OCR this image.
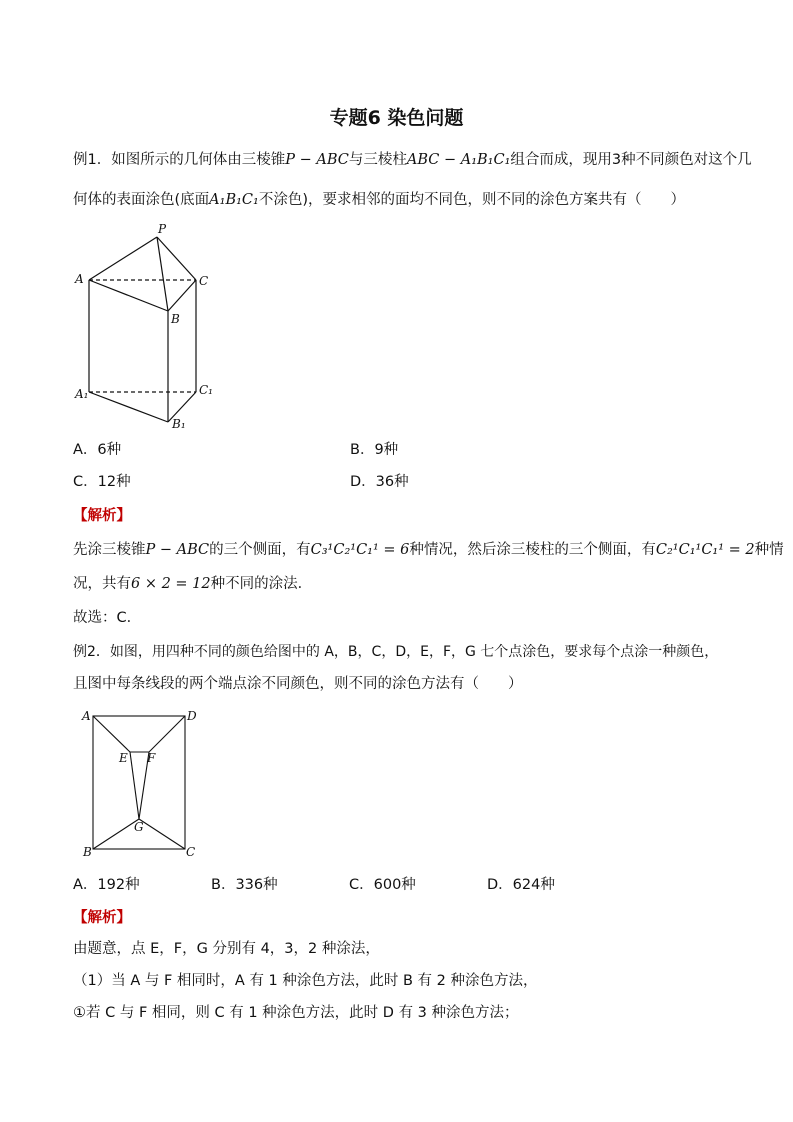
专题6 染色问题
例1．如图所示的几何体由三棱锥P − ABC与三棱柱ABC − A₁B₁C₁组合而成，现用3种不同颜色对这个几
何体的表面涂色(底面A₁B₁C₁不涂色)，要求相邻的面均不同色，则不同的涂色方案共有（　　）
P
A	C
B
A₁	C₁
B₁
A．6种	B．9种
C．12种	D．36种
【解析】
先涂三棱锥P − ABC的三个侧面，有C₃¹C₂¹C₁¹ = 6种情况，然后涂三棱柱的三个侧面，有C₂¹C₁¹C₁¹ = 2种情
况，共有6 × 2 = 12种不同的涂法．
故选：C．
例2．如图，用四种不同的颜色给图中的 A，B，C，D，E，F，G 七个点涂色，要求每个点涂一种颜色，
且图中每条线段的两个端点涂不同颜色，则不同的涂色方法有（　　）
A	D
E F
G
B	C
A．192种	B．336种	C．600种	D．624种
【解析】
由题意，点 E，F，G 分别有 4，3，2 种涂法，
（1）当 A 与 F 相同时，A 有 1 种涂色方法，此时 B 有 2 种涂色方法，
①若 C 与 F 相同，则 C 有 1 种涂色方法，此时 D 有 3 种涂色方法；
